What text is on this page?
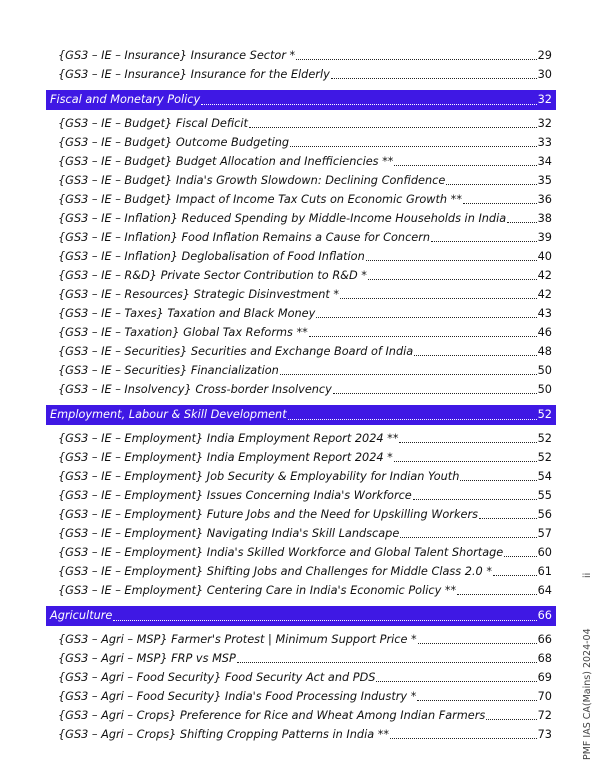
{GS3 – IE – Insurance} Insurance Sector *	29
{GS3 – IE – Insurance} Insurance for the Elderly	30
Fiscal and Monetary Policy	32
{GS3 – IE – Budget} Fiscal Deficit	32
{GS3 – IE – Budget} Outcome Budgeting	33
{GS3 – IE – Budget} Budget Allocation and Inefficiencies **	34
{GS3 – IE – Budget} India's Growth Slowdown: Declining Confidence	35
{GS3 – IE – Budget} Impact of Income Tax Cuts on Economic Growth **	36
{GS3 – IE – Inflation} Reduced Spending by Middle-Income Households in India	38
{GS3 – IE – Inflation} Food Inflation Remains a Cause for Concern	39
{GS3 – IE – Inflation} Deglobalisation of Food Inflation	40
{GS3 – IE – R&D} Private Sector Contribution to R&D *	42
{GS3 – IE – Resources} Strategic Disinvestment *	42
{GS3 – IE – Taxes} Taxation and Black Money	43
{GS3 – IE – Taxation} Global Tax Reforms **	46
{GS3 – IE – Securities} Securities and Exchange Board of India	48
{GS3 – IE – Securities} Financialization	50
{GS3 – IE – Insolvency} Cross-border Insolvency	50
Employment, Labour & Skill Development	52
{GS3 – IE – Employment} India Employment Report 2024 **	52
{GS3 – IE – Employment} India Employment Report 2024 *	52
{GS3 – IE – Employment} Job Security & Employability for Indian Youth	54
{GS3 – IE – Employment} Issues Concerning India's Workforce	55
{GS3 – IE – Employment} Future Jobs and the Need for Upskilling Workers	56
{GS3 – IE – Employment} Navigating India's Skill Landscape	57
{GS3 – IE – Employment} India's Skilled Workforce and Global Talent Shortage	60
{GS3 – IE – Employment} Shifting Jobs and Challenges for Middle Class 2.0 *	61
{GS3 – IE – Employment} Centering Care in India's Economic Policy **	64
Agriculture	66
{GS3 – Agri – MSP} Farmer's Protest | Minimum Support Price *	66
{GS3 – Agri – MSP} FRP vs MSP	68
{GS3 – Agri – Food Security} Food Security Act and PDS	69
{GS3 – Agri – Food Security} India's Food Processing Industry *	70
{GS3 – Agri – Crops} Preference for Rice and Wheat Among Indian Farmers	72
{GS3 – Agri – Crops} Shifting Cropping Patterns in India **	73
ii
PMF IAS CA(Mains) 2024-04
